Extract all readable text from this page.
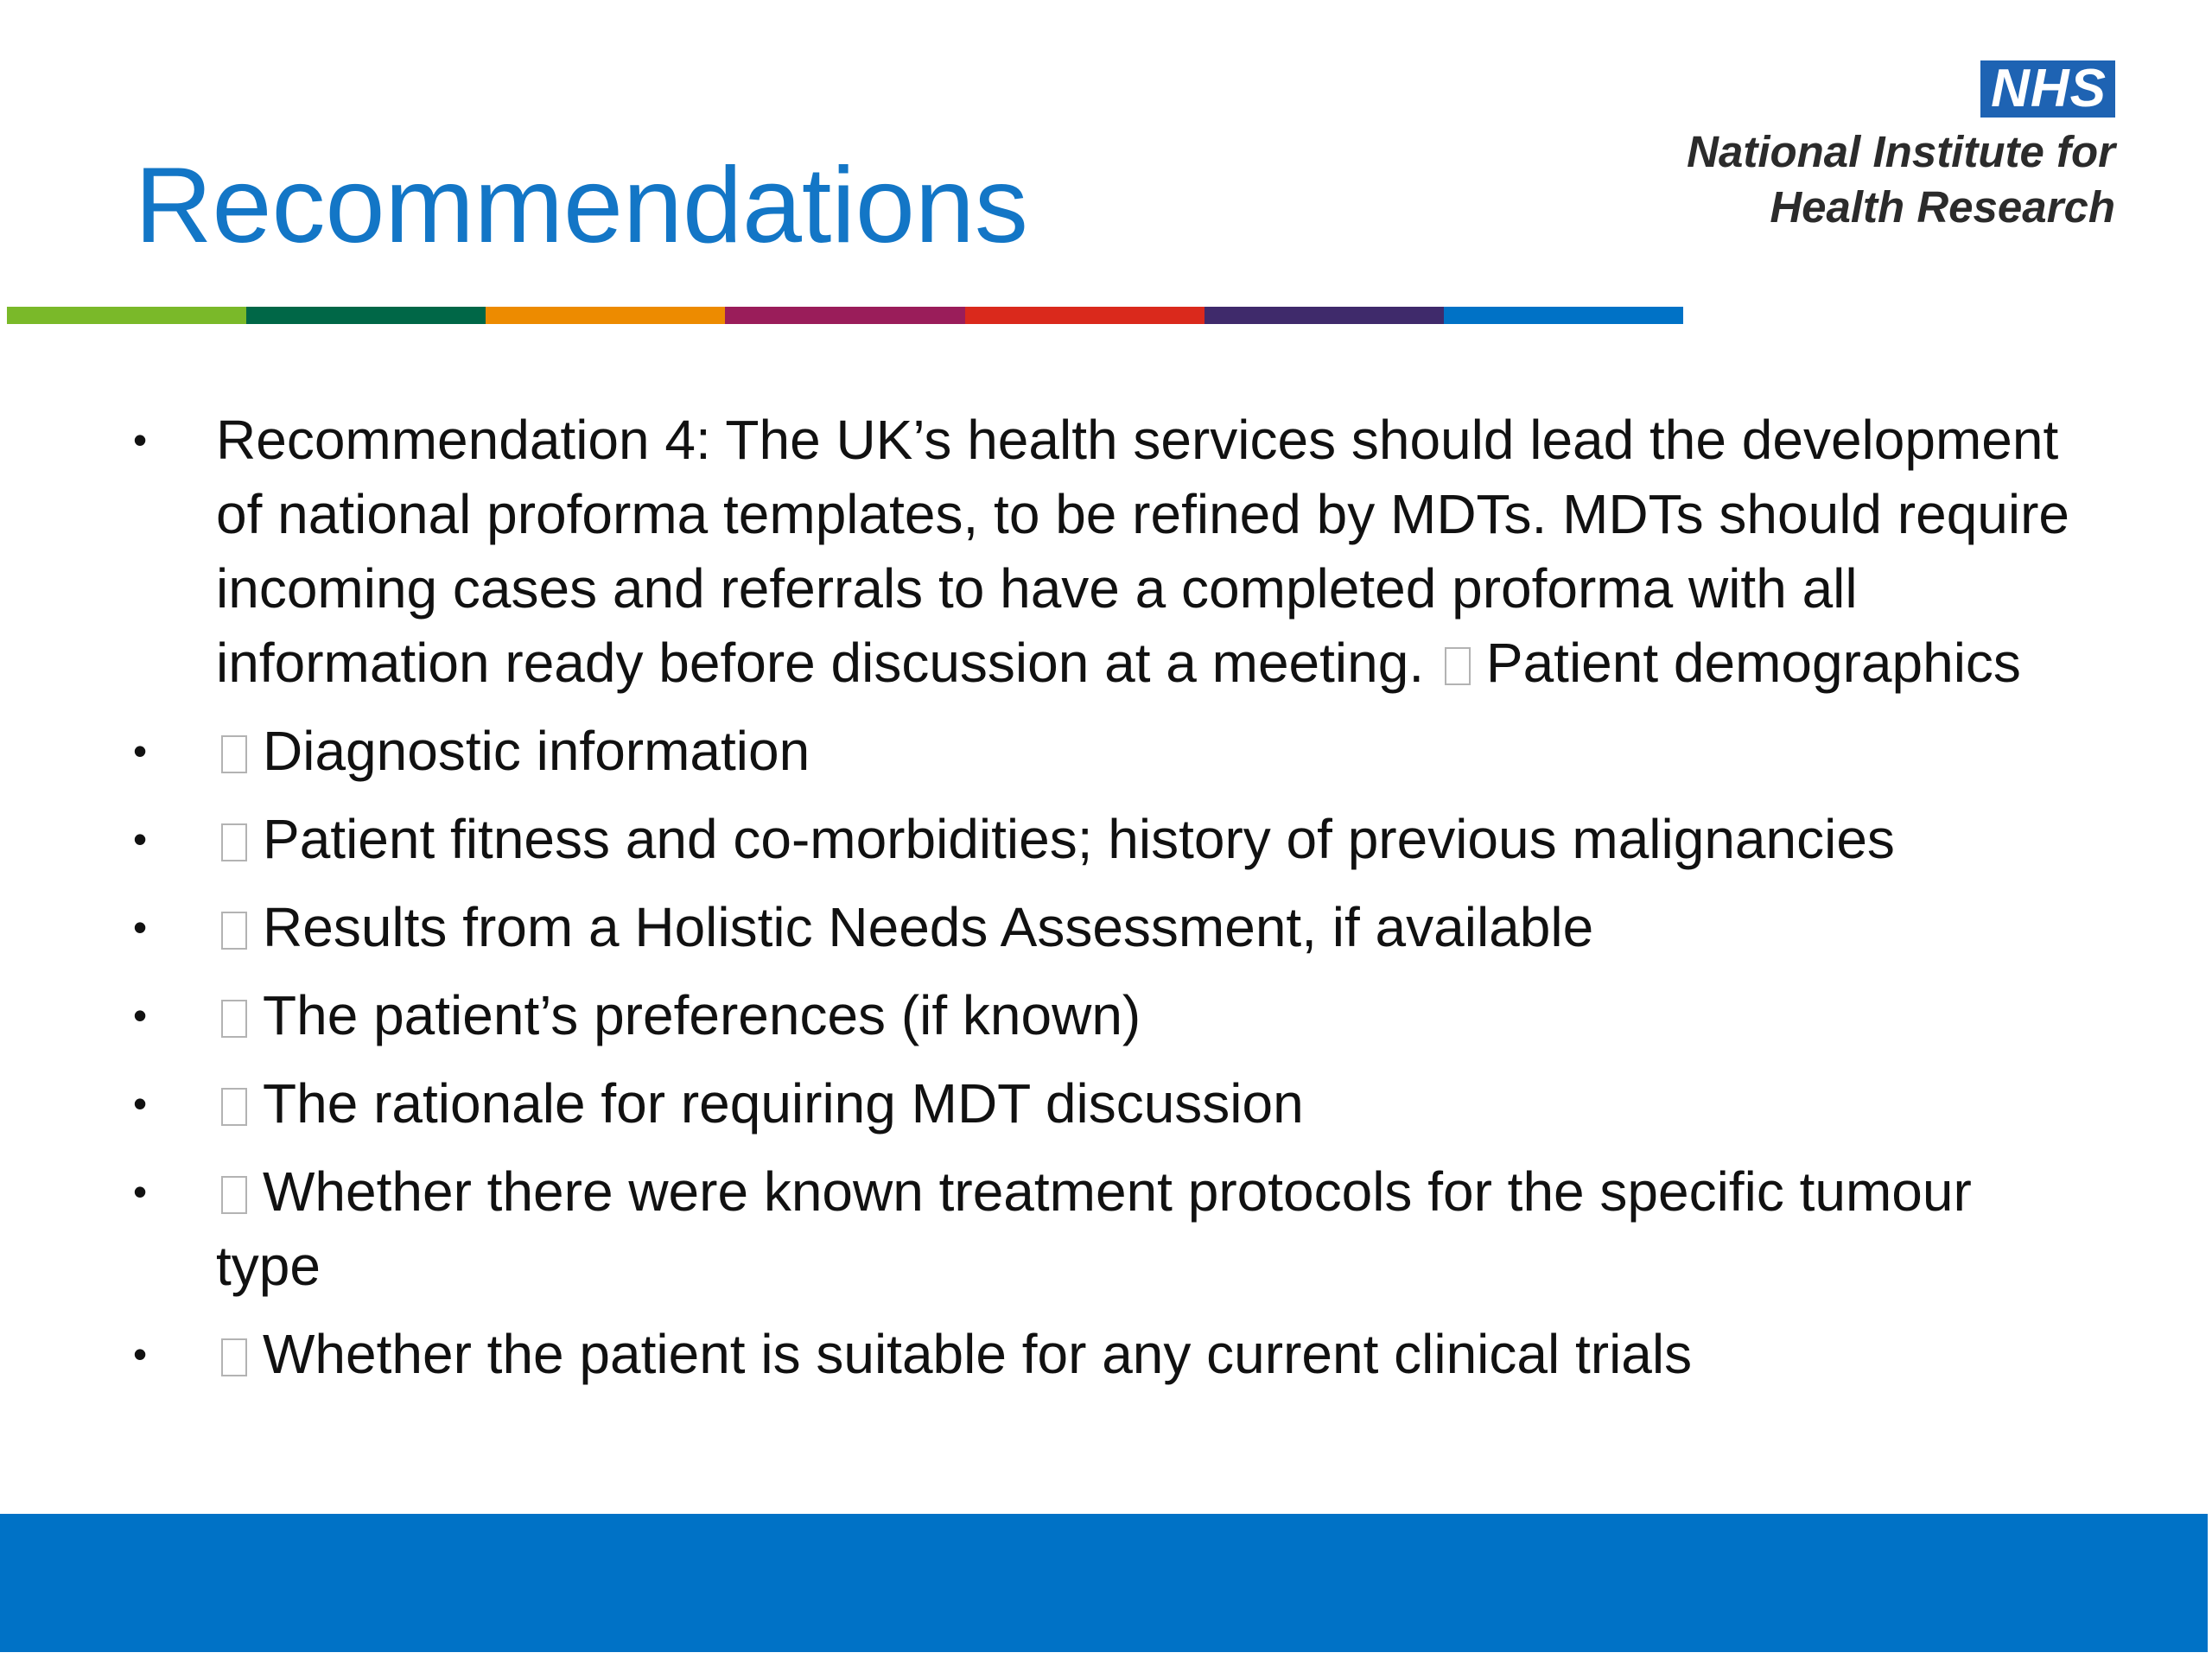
Recommendations
NHS
National Institute for
Health Research
• Recommendation 4: The UK’s health services should lead the development of national proforma templates, to be refined by MDTs. MDTs should require incoming cases and referrals to have a completed proforma with all information ready before discussion at a meeting. Patient demographics
• Diagnostic information
• Patient fitness and co-morbidities; history of previous malignancies
• Results from a Holistic Needs Assessment, if available
• The patient’s preferences (if known)
• The rationale for requiring MDT discussion
• Whether there were known treatment protocols for the specific tumour type
• Whether the patient is suitable for any current clinical trials
